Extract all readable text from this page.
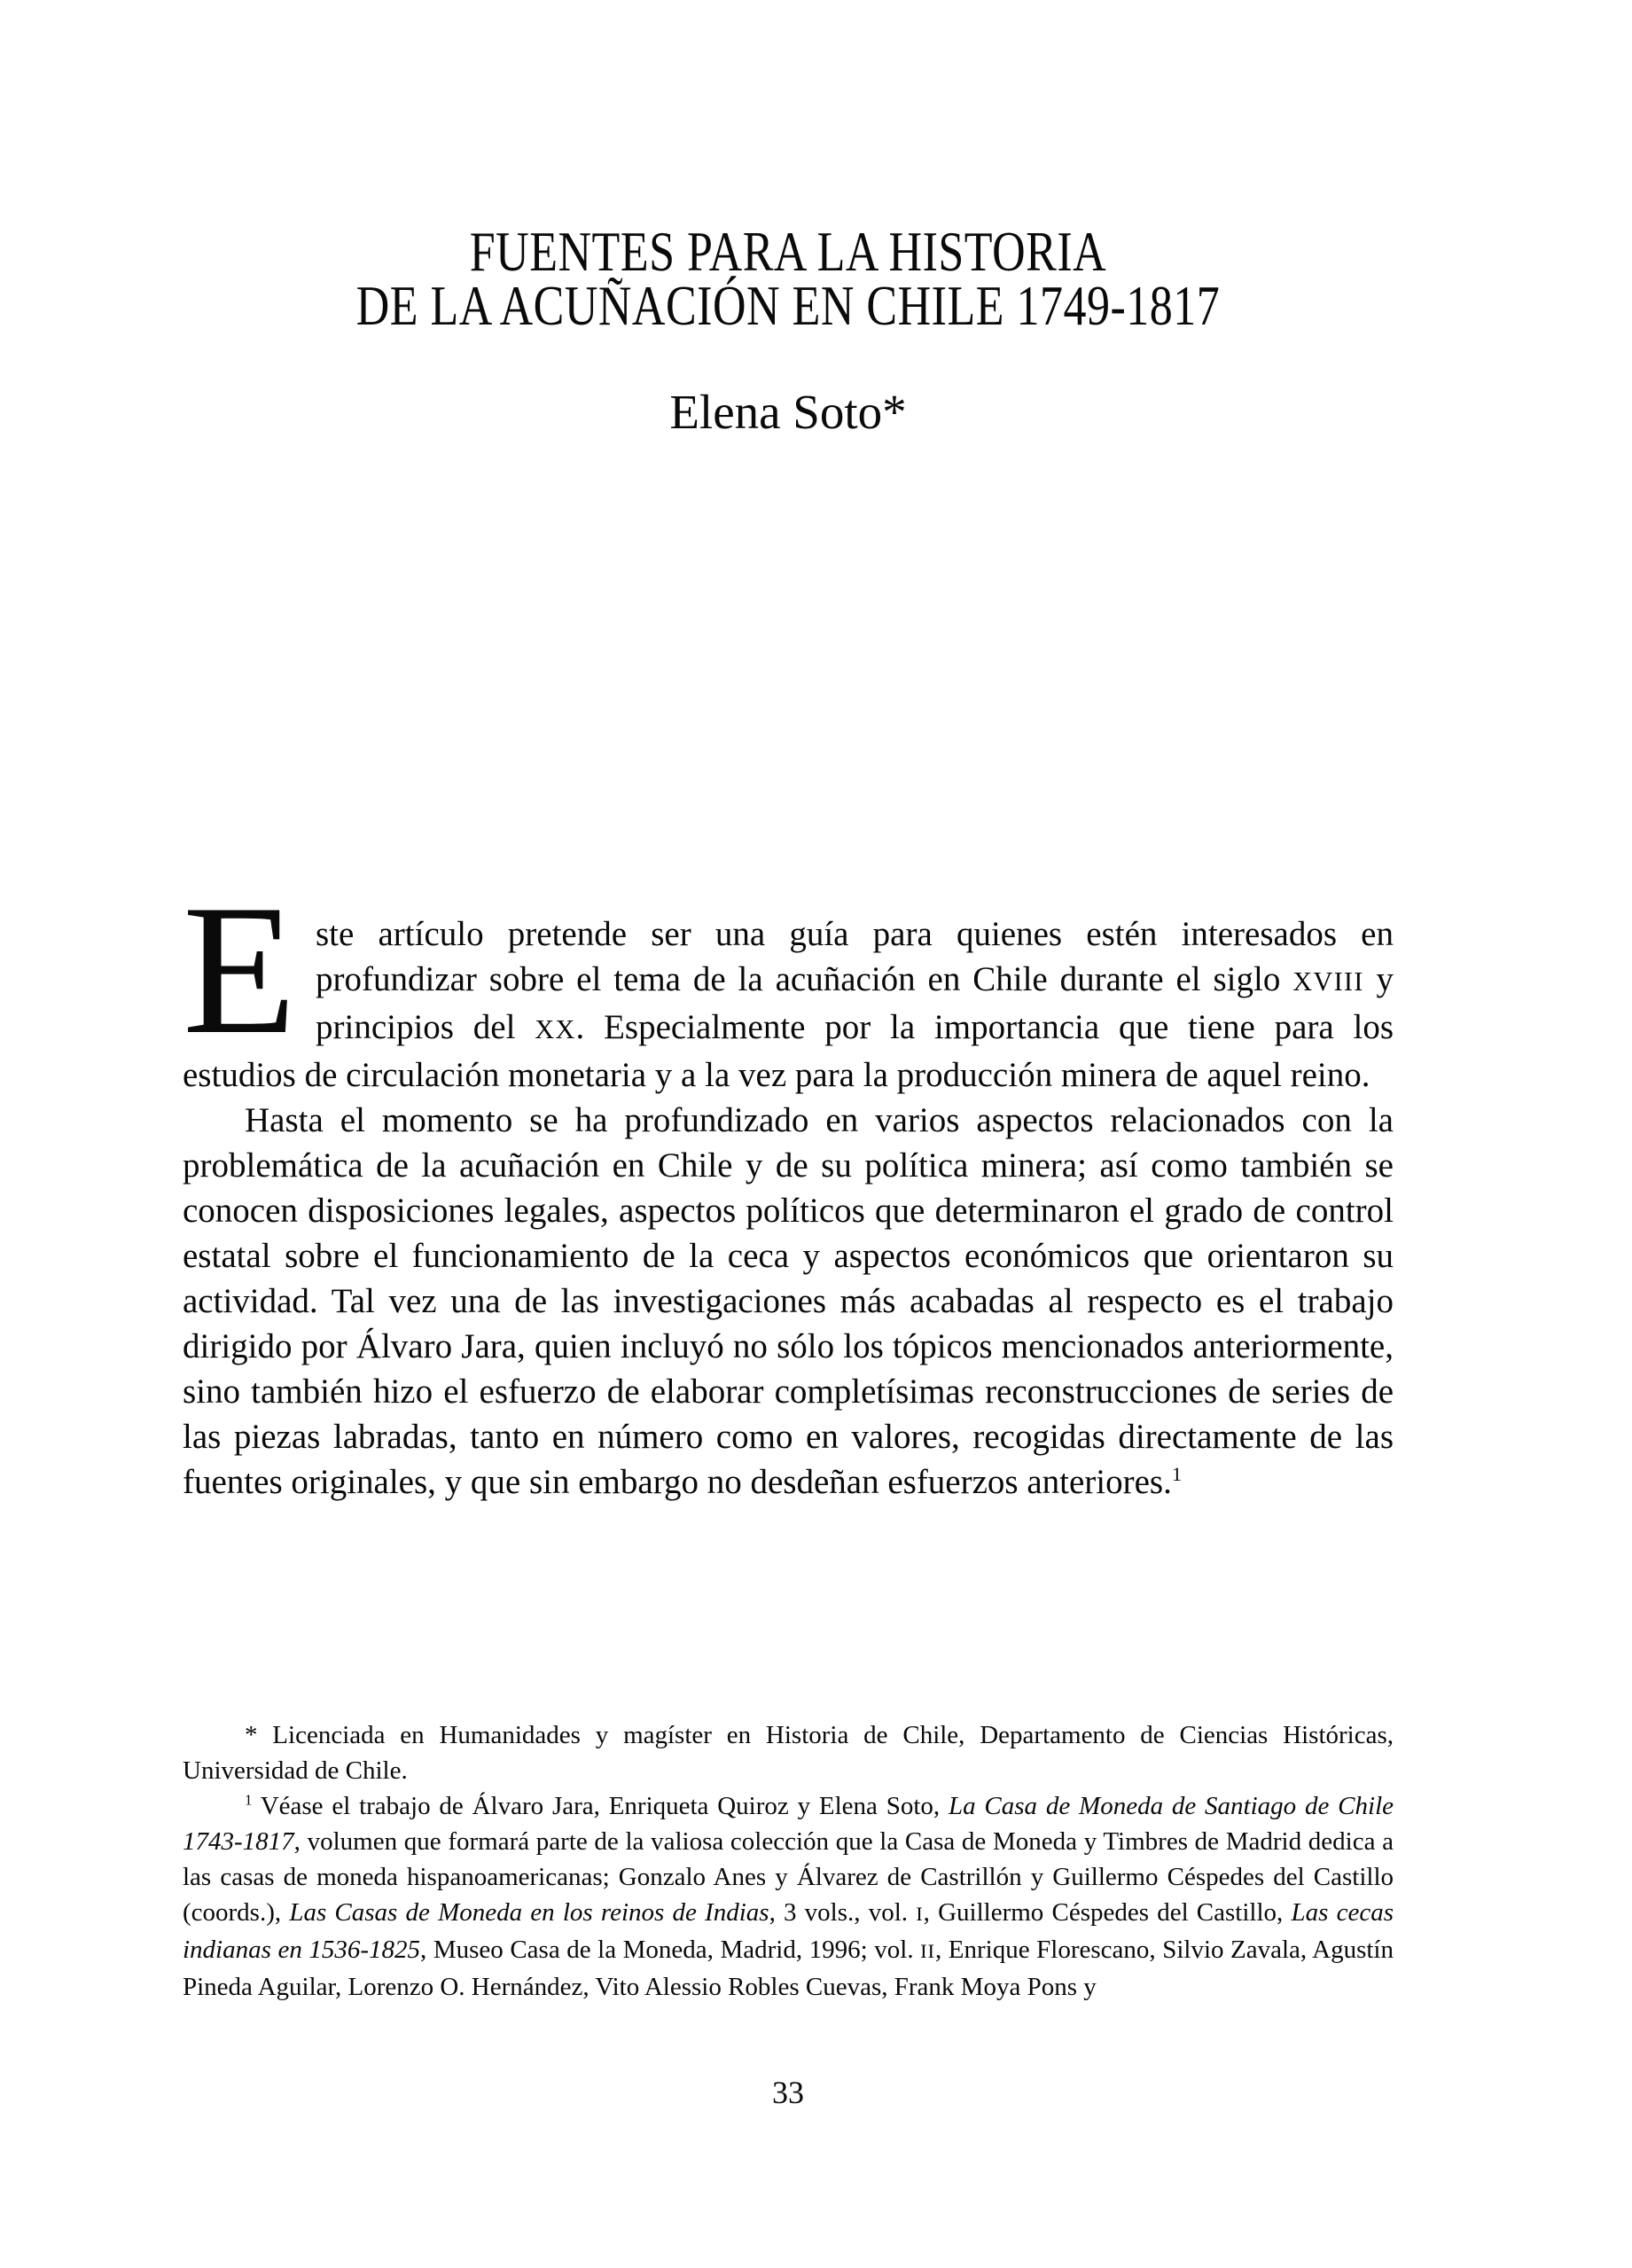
FUENTES PARA LA HISTORIA
DE LA ACUÑACIÓN EN CHILE 1749-1817
Elena Soto*

E ste artículo pretende ser una guía para quienes estén interesados en profundizar sobre el tema de la acuñación en Chile durante el siglo XVIII y principios del XX. Especialmente por la importancia que tiene para los estudios de circulación monetaria y a la vez para la producción minera de aquel reino.

Hasta el momento se ha profundizado en varios aspectos relacionados con la problemática de la acuñación en Chile y de su política minera; así como también se conocen disposiciones legales, aspectos políticos que determinaron el grado de control estatal sobre el funcionamiento de la ceca y aspectos económicos que orientaron su actividad. Tal vez una de las investigaciones más acabadas al respecto es el trabajo dirigido por Álvaro Jara, quien incluyó no sólo los tópicos mencionados anteriormente, sino también hizo el esfuerzo de elaborar completísimas reconstrucciones de series de las piezas labradas, tanto en número como en valores, recogidas directamente de las fuentes originales, y que sin embargo no desdeñan esfuerzos anteriores.$^1$

* Licenciada en Humanidades y magíster en Historia de Chile, Departamento de Ciencias Históricas, Universidad de Chile.

$^1$ Véase el trabajo de Álvaro Jara, Enriqueta Quiroz y Elena Soto, La Casa de Moneda de Santiago de Chile 1743-1817, volumen que formará parte de la valiosa colección que la Casa de Moneda y Timbres de Madrid dedica a las casas de moneda hispanoamericanas; Gonzalo Anes y Álvarez de Castrillón y Guillermo Céspedes del Castillo (coords.), Las Casas de Moneda en los reinos de Indias, 3 vols., vol. I, Guillermo Céspedes del Castillo, Las cecas indianas en 1536-1825, Museo Casa de la Moneda, Madrid, 1996; vol. II, Enrique Florescano, Silvio Zavala, Agustín Pineda Aguilar, Lorenzo O. Hernández, Vito Alessio Robles Cuevas, Frank Moya Pons y

33
